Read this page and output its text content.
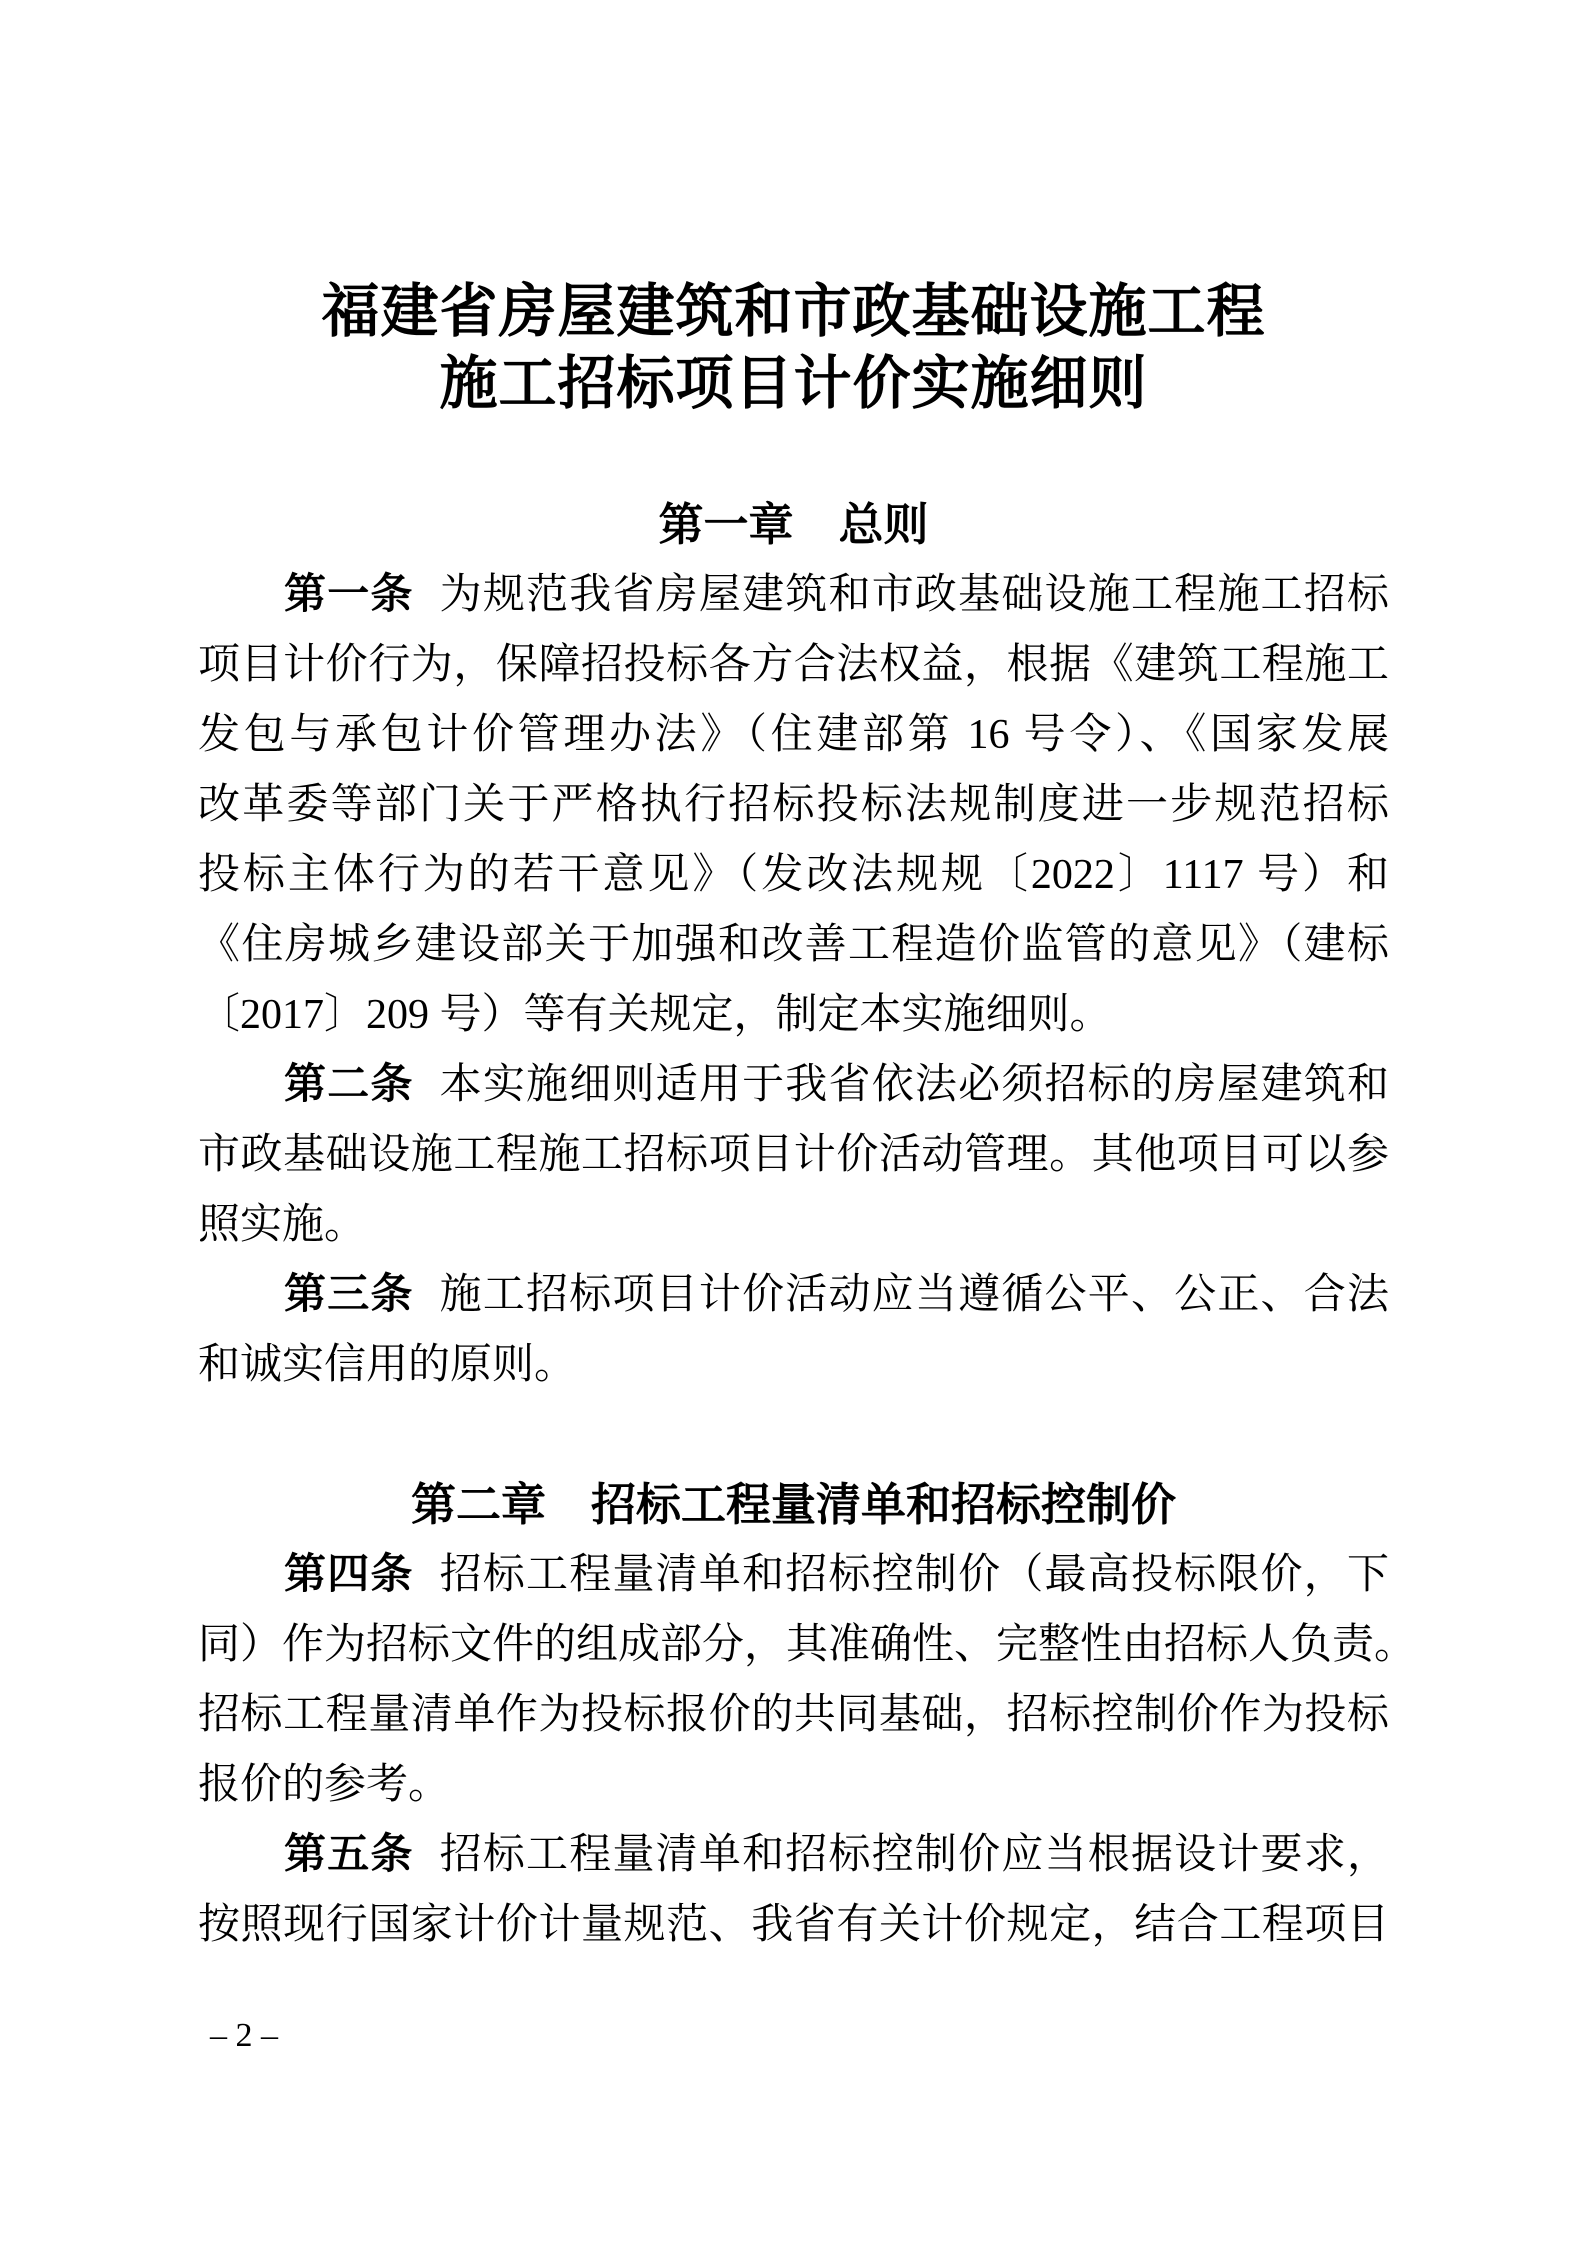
福建省房屋建筑和市政基础设施工程
施工招标项目计价实施细则
第一章　总则
第一条 为规范我省房屋建筑和市政基础设施工程施工招标
项目计价行为，保障招投标各方合法权益，根据《建筑工程施工
发包与承包计价管理办法》（住建部第 16 号令）、《国家发展
改革委等部门关于严格执行招标投标法规制度进一步规范招标
投标主体行为的若干意见》（发改法规规〔2022〕1117 号）和
《住房城乡建设部关于加强和改善工程造价监管的意见》（建标
〔2017〕209 号）等有关规定，制定本实施细则。
第二条 本实施细则适用于我省依法必须招标的房屋建筑和
市政基础设施工程施工招标项目计价活动管理。其他项目可以参
照实施。
第三条 施工招标项目计价活动应当遵循公平、公正、合法
和诚实信用的原则。
第二章　招标工程量清单和招标控制价
第四条 招标工程量清单和招标控制价（最高投标限价，下
同）作为招标文件的组成部分，其准确性、完整性由招标人负责。
招标工程量清单作为投标报价的共同基础，招标控制价作为投标
报价的参考。
第五条 招标工程量清单和招标控制价应当根据设计要求，
按照现行国家计价计量规范、我省有关计价规定，结合工程项目
– 2 –
